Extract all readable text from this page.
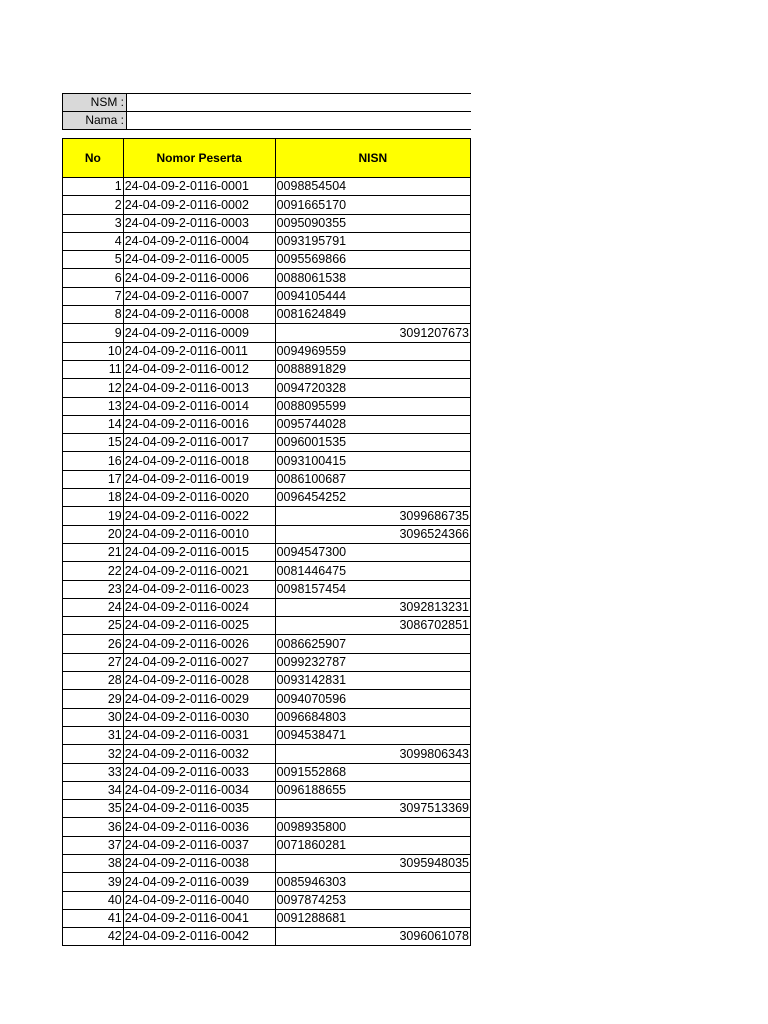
NSM :	
Nama :	
No	Nomor Peserta	NISN
1	24-04-09-2-0116-0001	0098854504
2	24-04-09-2-0116-0002	0091665170
3	24-04-09-2-0116-0003	0095090355
4	24-04-09-2-0116-0004	0093195791
5	24-04-09-2-0116-0005	0095569866
6	24-04-09-2-0116-0006	0088061538
7	24-04-09-2-0116-0007	0094105444
8	24-04-09-2-0116-0008	0081624849
9	24-04-09-2-0116-0009	3091207673
10	24-04-09-2-0116-0011	0094969559
11	24-04-09-2-0116-0012	0088891829
12	24-04-09-2-0116-0013	0094720328
13	24-04-09-2-0116-0014	0088095599
14	24-04-09-2-0116-0016	0095744028
15	24-04-09-2-0116-0017	0096001535
16	24-04-09-2-0116-0018	0093100415
17	24-04-09-2-0116-0019	0086100687
18	24-04-09-2-0116-0020	0096454252
19	24-04-09-2-0116-0022	3099686735
20	24-04-09-2-0116-0010	3096524366
21	24-04-09-2-0116-0015	0094547300
22	24-04-09-2-0116-0021	0081446475
23	24-04-09-2-0116-0023	0098157454
24	24-04-09-2-0116-0024	3092813231
25	24-04-09-2-0116-0025	3086702851
26	24-04-09-2-0116-0026	0086625907
27	24-04-09-2-0116-0027	0099232787
28	24-04-09-2-0116-0028	0093142831
29	24-04-09-2-0116-0029	0094070596
30	24-04-09-2-0116-0030	0096684803
31	24-04-09-2-0116-0031	0094538471
32	24-04-09-2-0116-0032	3099806343
33	24-04-09-2-0116-0033	0091552868
34	24-04-09-2-0116-0034	0096188655
35	24-04-09-2-0116-0035	3097513369
36	24-04-09-2-0116-0036	0098935800
37	24-04-09-2-0116-0037	0071860281
38	24-04-09-2-0116-0038	3095948035
39	24-04-09-2-0116-0039	0085946303
40	24-04-09-2-0116-0040	0097874253
41	24-04-09-2-0116-0041	0091288681
42	24-04-09-2-0116-0042	3096061078
